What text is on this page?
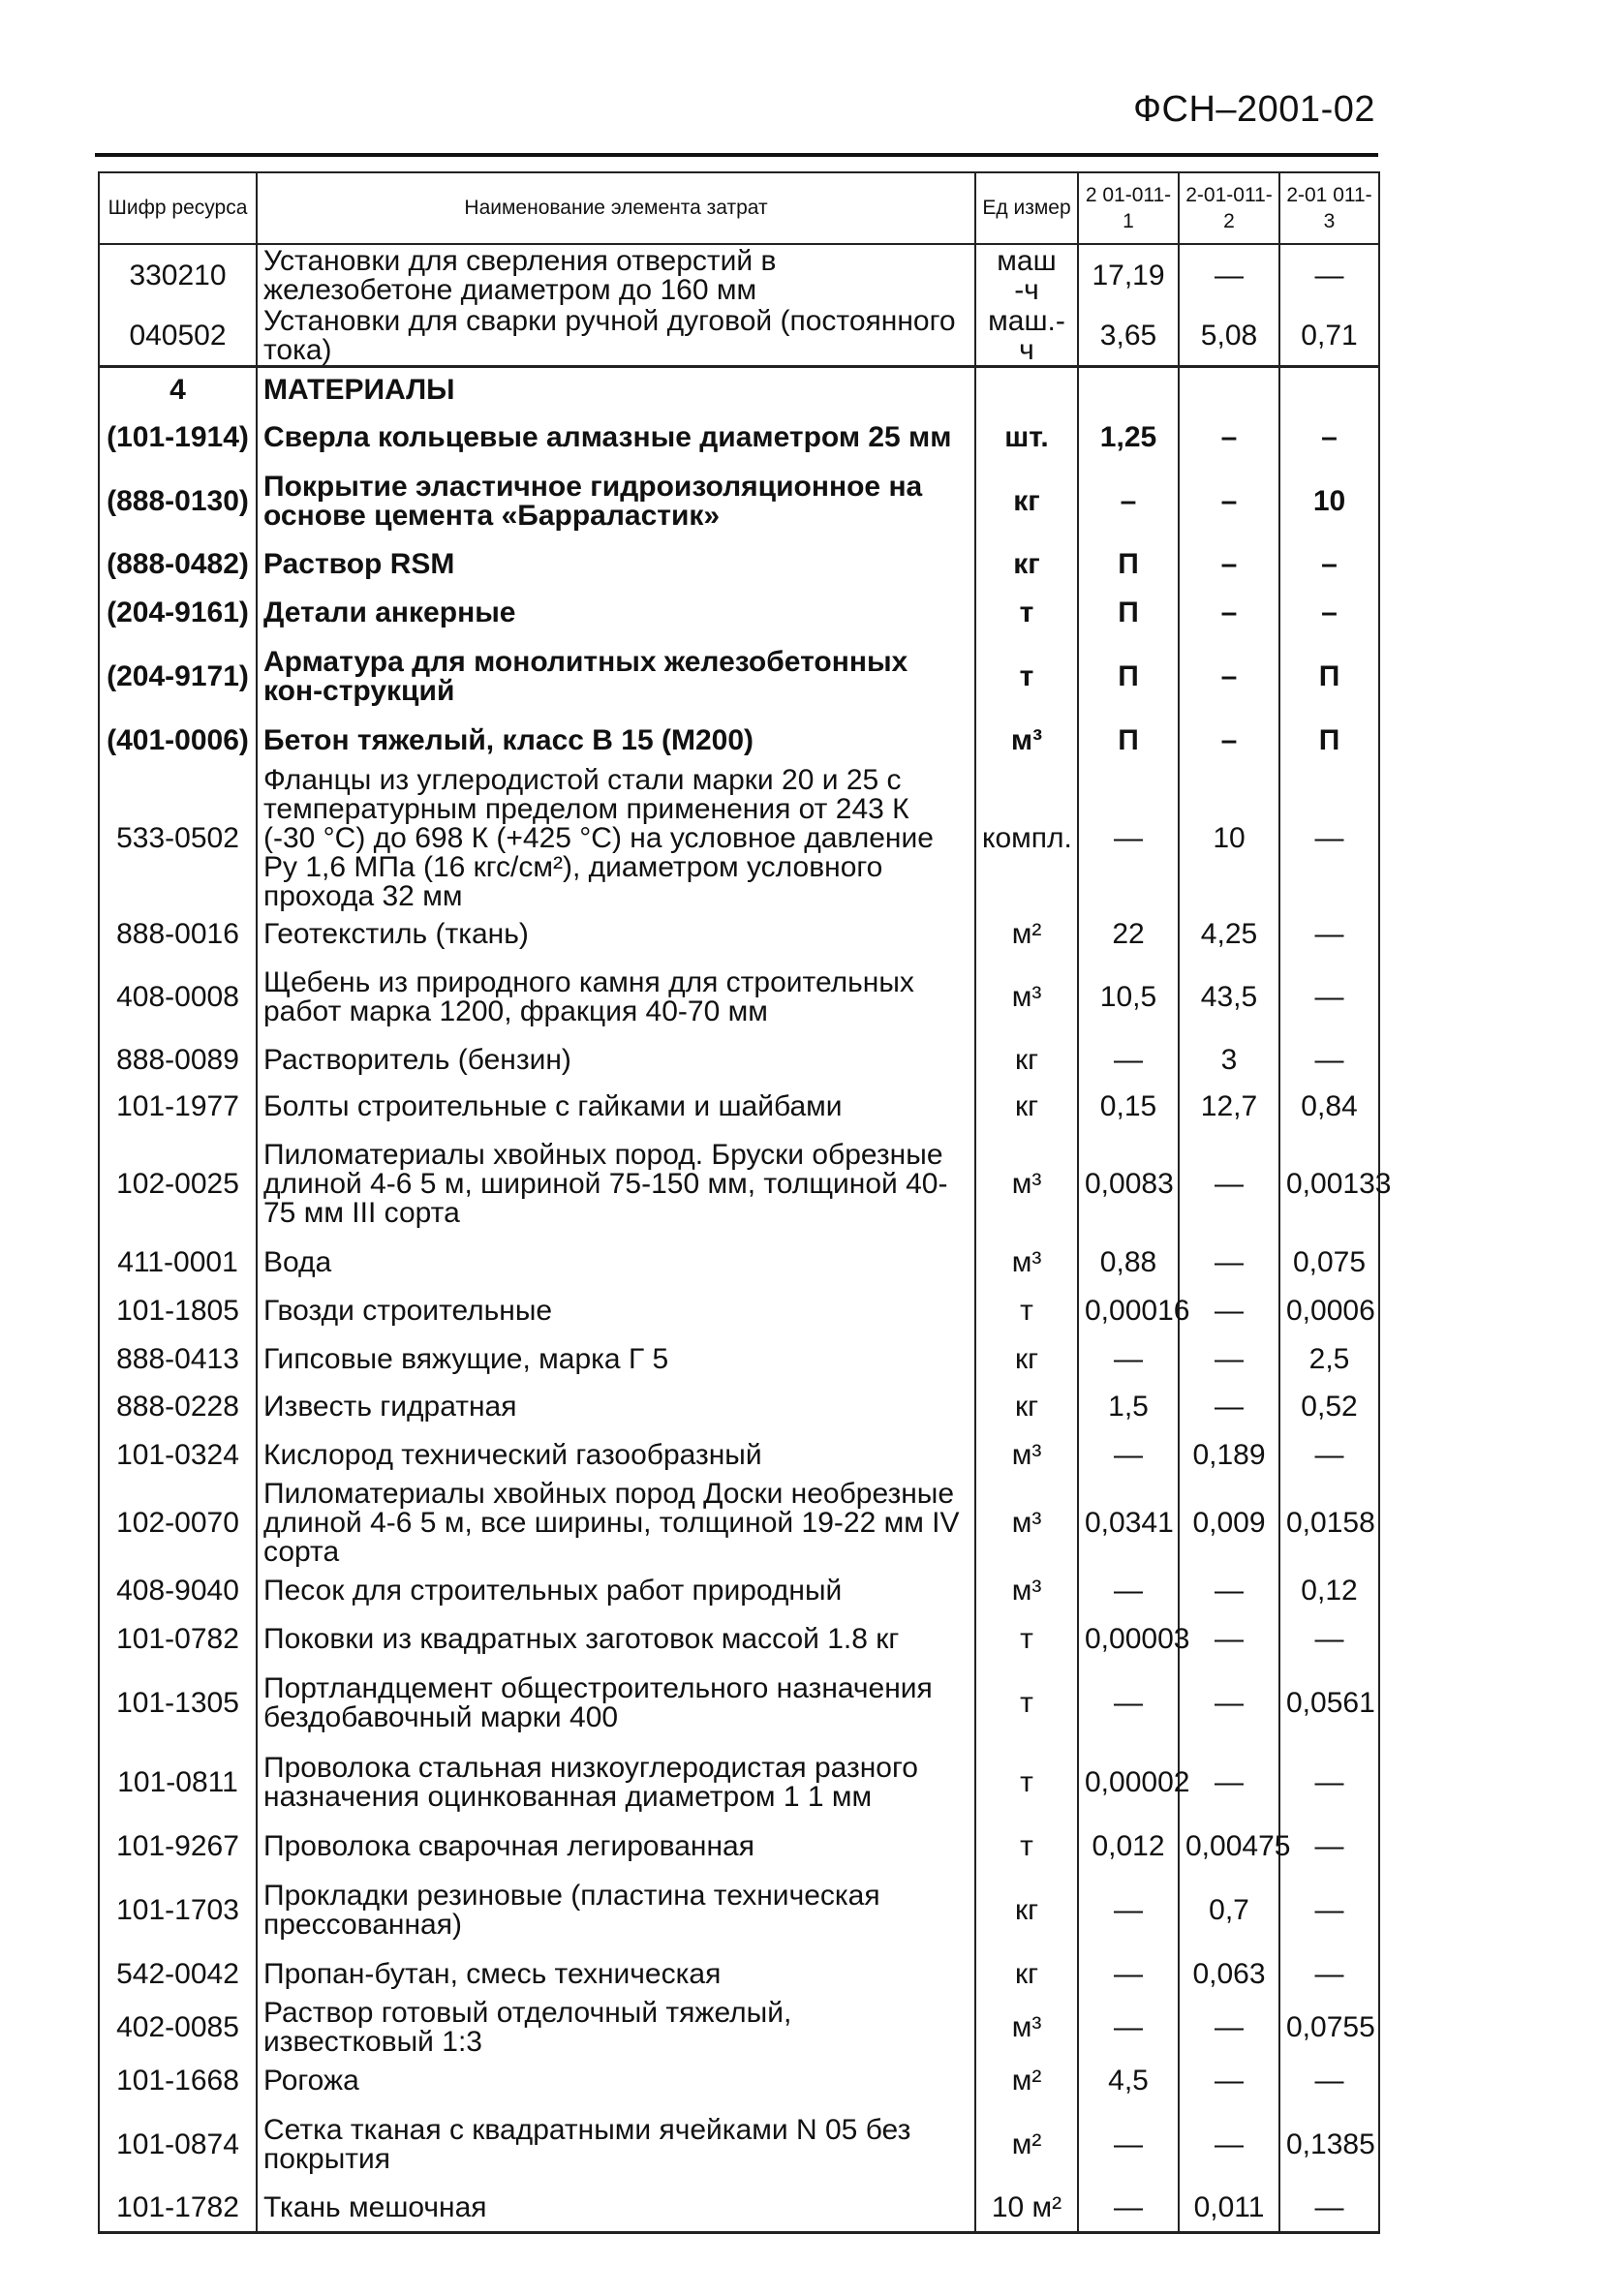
ФСН–2001-02
Шифр ресурса	Наименование элемента затрат	Ед измер	2 01-011-1	2-01-011-2	2-01 011-3
330210	Установки для сверления отверстий в железобетоне диаметром до 160 мм	маш -ч	17,19	—	—
040502	Установки для сварки ручной дуговой (постоянного тока)	маш.-ч	3,65	5,08	0,71
4	МАТЕРИАЛЫ				
(101-1914)	Сверла кольцевые алмазные диаметром 25 мм	шт.	1,25	–	–
(888-0130)	Покрытие эластичное гидроизоляционное на основе цемента «Барраластик»	кг	–	–	10
(888-0482)	Раствор RSM	кг	П	–	–
(204-9161)	Детали анкерные	т	П	–	–
(204-9171)	Арматура для монолитных железобетонных кон-струкций	т	П	–	П
(401-0006)	Бетон тяжелый, класс В 15 (М200)	м³	П	–	П
533-0502	Фланцы из углеродистой стали марки 20 и 25 с температурным пределом применения от 243 К (-30 °С) до 698 К (+425 °С) на условное давление Ру 1,6 МПа (16 кгс/см²), диаметром условного прохода 32 мм	компл.	—	10	—
888-0016	Геотекстиль (ткань)	м²	22	4,25	—
408-0008	Щебень из природного камня для строительных работ марка 1200, фракция 40-70 мм	м³	10,5	43,5	—
888-0089	Растворитель (бензин)	кг	—	3	—
101-1977	Болты строительные с гайками и шайбами	кг	0,15	12,7	0,84
102-0025	Пиломатериалы хвойных пород. Бруски обрезные длиной 4-6 5 м, шириной 75-150 мм, толщиной 40-75 мм III сорта	м³	0,0083	—	0,00133
411-0001	Вода	м³	0,88	—	0,075
101-1805	Гвозди строительные	т	0,00016	—	0,0006
888-0413	Гипсовые вяжущие, марка Г 5	кг	—	—	2,5
888-0228	Известь гидратная	кг	1,5	—	0,52
101-0324	Кислород технический газообразный	м³	—	0,189	—
102-0070	Пиломатериалы хвойных пород Доски необрезные длиной 4-6 5 м, все ширины, толщиной 19-22 мм IV сорта	м³	0,0341	0,009	0,0158
408-9040	Песок для строительных работ природный	м³	—	—	0,12
101-0782	Поковки из квадратных заготовок массой 1.8 кг	т	0,00003	—	—
101-1305	Портландцемент общестроительного назначения бездобавочный марки 400	т	—	—	0,0561
101-0811	Проволока стальная низкоуглеродистая разного назначения оцинкованная диаметром 1 1 мм	т	0,00002	—	—
101-9267	Проволока сварочная легированная	т	0,012	0,00475	—
101-1703	Прокладки резиновые (пластина техническая прессованная)	кг	—	0,7	—
542-0042	Пропан-бутан, смесь техническая	кг	—	0,063	—
402-0085	Раствор готовый отделочный тяжелый, известковый 1:3	м³	—	—	0,0755
101-1668	Рогожа	м²	4,5	—	—
101-0874	Сетка тканая с квадратными ячейками N 05 без покрытия	м²	—	—	0,1385
101-1782	Ткань мешочная	10 м²	—	0,011	—
